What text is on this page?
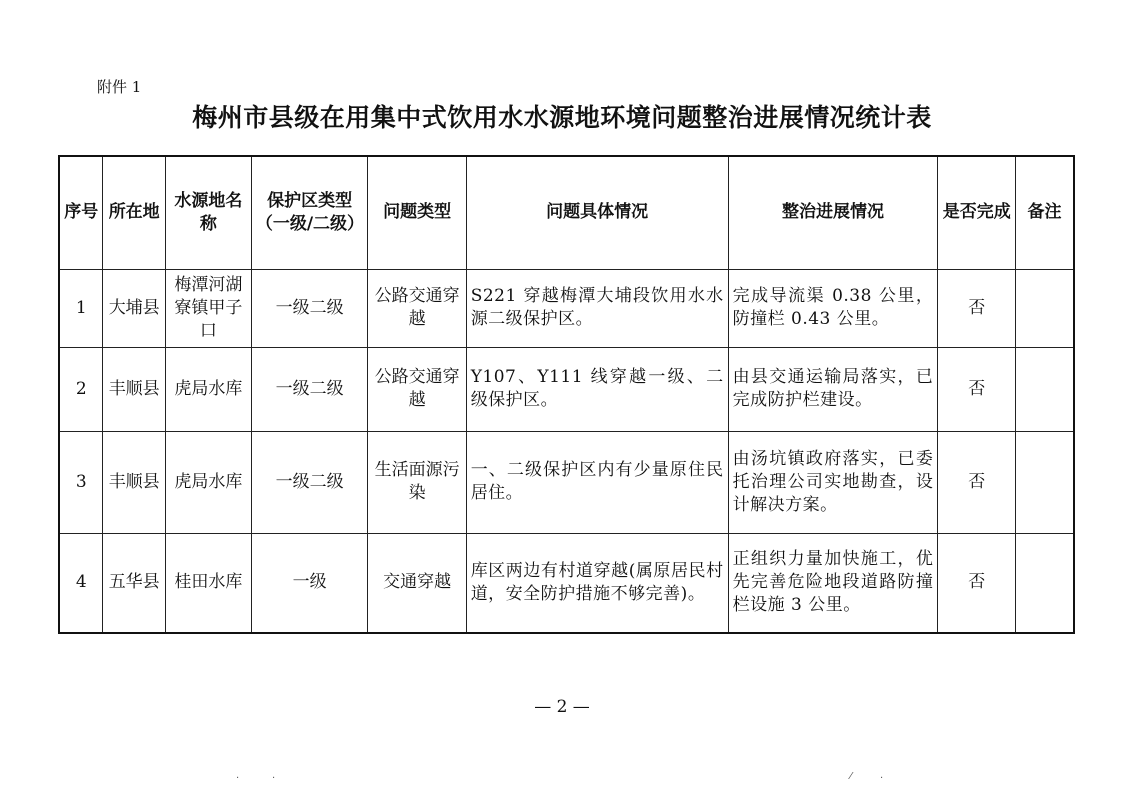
附件 1
梅州市县级在用集中式饮用水水源地环境问题整治进展情况统计表
序号	所在地	水源地名称	保护区类型（一级/二级）	问题类型	问题具体情况	整治进展情况	是否完成	备注
1	大埔县	梅潭河湖寮镇甲子口	一级二级	公路交通穿越	S221 穿越梅潭大埔段饮用水水源二级保护区。	完成导流渠 0.38 公里，防撞栏 0.43 公里。	否	
2	丰顺县	虎局水库	一级二级	公路交通穿越	Y107、Y111 线穿越一级、二级保护区。	由县交通运输局落实，已完成防护栏建设。	否	
3	丰顺县	虎局水库	一级二级	生活面源污染	一、二级保护区内有少量原住民居住。	由汤坑镇政府落实，已委托治理公司实地勘查，设计解决方案。	否	
4	五华县	桂田水库	一级	交通穿越	库区两边有村道穿越(属原居民村道，安全防护措施不够完善)。	正组织力量加快施工，优先完善危险地段道路防撞栏设施 3 公里。	否	
— 2 —
·	·	⁄	·
